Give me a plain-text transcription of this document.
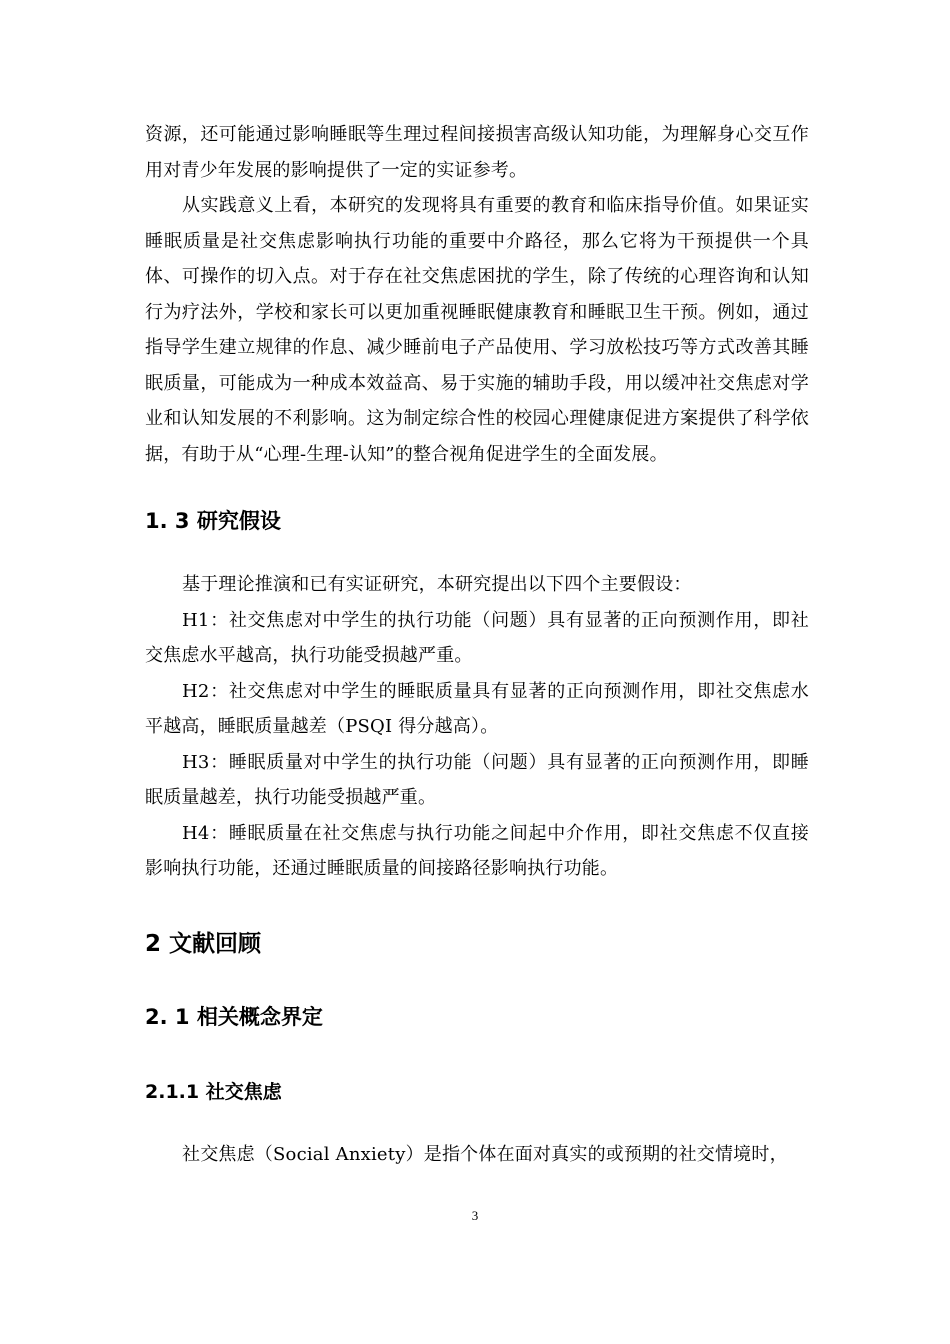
资源，还可能通过影响睡眠等生理过程间接损害高级认知功能，为理解身心交互作用对青少年发展的影响提供了一定的实证参考。

从实践意义上看，本研究的发现将具有重要的教育和临床指导价值。如果证实睡眠质量是社交焦虑影响执行功能的重要中介路径，那么它将为干预提供一个具体、可操作的切入点。对于存在社交焦虑困扰的学生，除了传统的心理咨询和认知行为疗法外，学校和家长可以更加重视睡眠健康教育和睡眠卫生干预。例如，通过指导学生建立规律的作息、减少睡前电子产品使用、学习放松技巧等方式改善其睡眠质量，可能成为一种成本效益高、易于实施的辅助手段，用以缓冲社交焦虑对学业和认知发展的不利影响。这为制定综合性的校园心理健康促进方案提供了科学依据，有助于从“心理-生理-认知”的整合视角促进学生的全面发展。

1. 3 研究假设

基于理论推演和已有实证研究，本研究提出以下四个主要假设：

H1：社交焦虑对中学生的执行功能（问题）具有显著的正向预测作用，即社交焦虑水平越高，执行功能受损越严重。

H2：社交焦虑对中学生的睡眠质量具有显著的正向预测作用，即社交焦虑水平越高，睡眠质量越差（PSQI 得分越高）。

H3：睡眠质量对中学生的执行功能（问题）具有显著的正向预测作用，即睡眠质量越差，执行功能受损越严重。

H4：睡眠质量在社交焦虑与执行功能之间起中介作用，即社交焦虑不仅直接影响执行功能，还通过睡眠质量的间接路径影响执行功能。

2 文献回顾
2. 1 相关概念界定
2.1.1 社交焦虑

社交焦虑（Social Anxiety）是指个体在面对真实的或预期的社交情境时，

3
